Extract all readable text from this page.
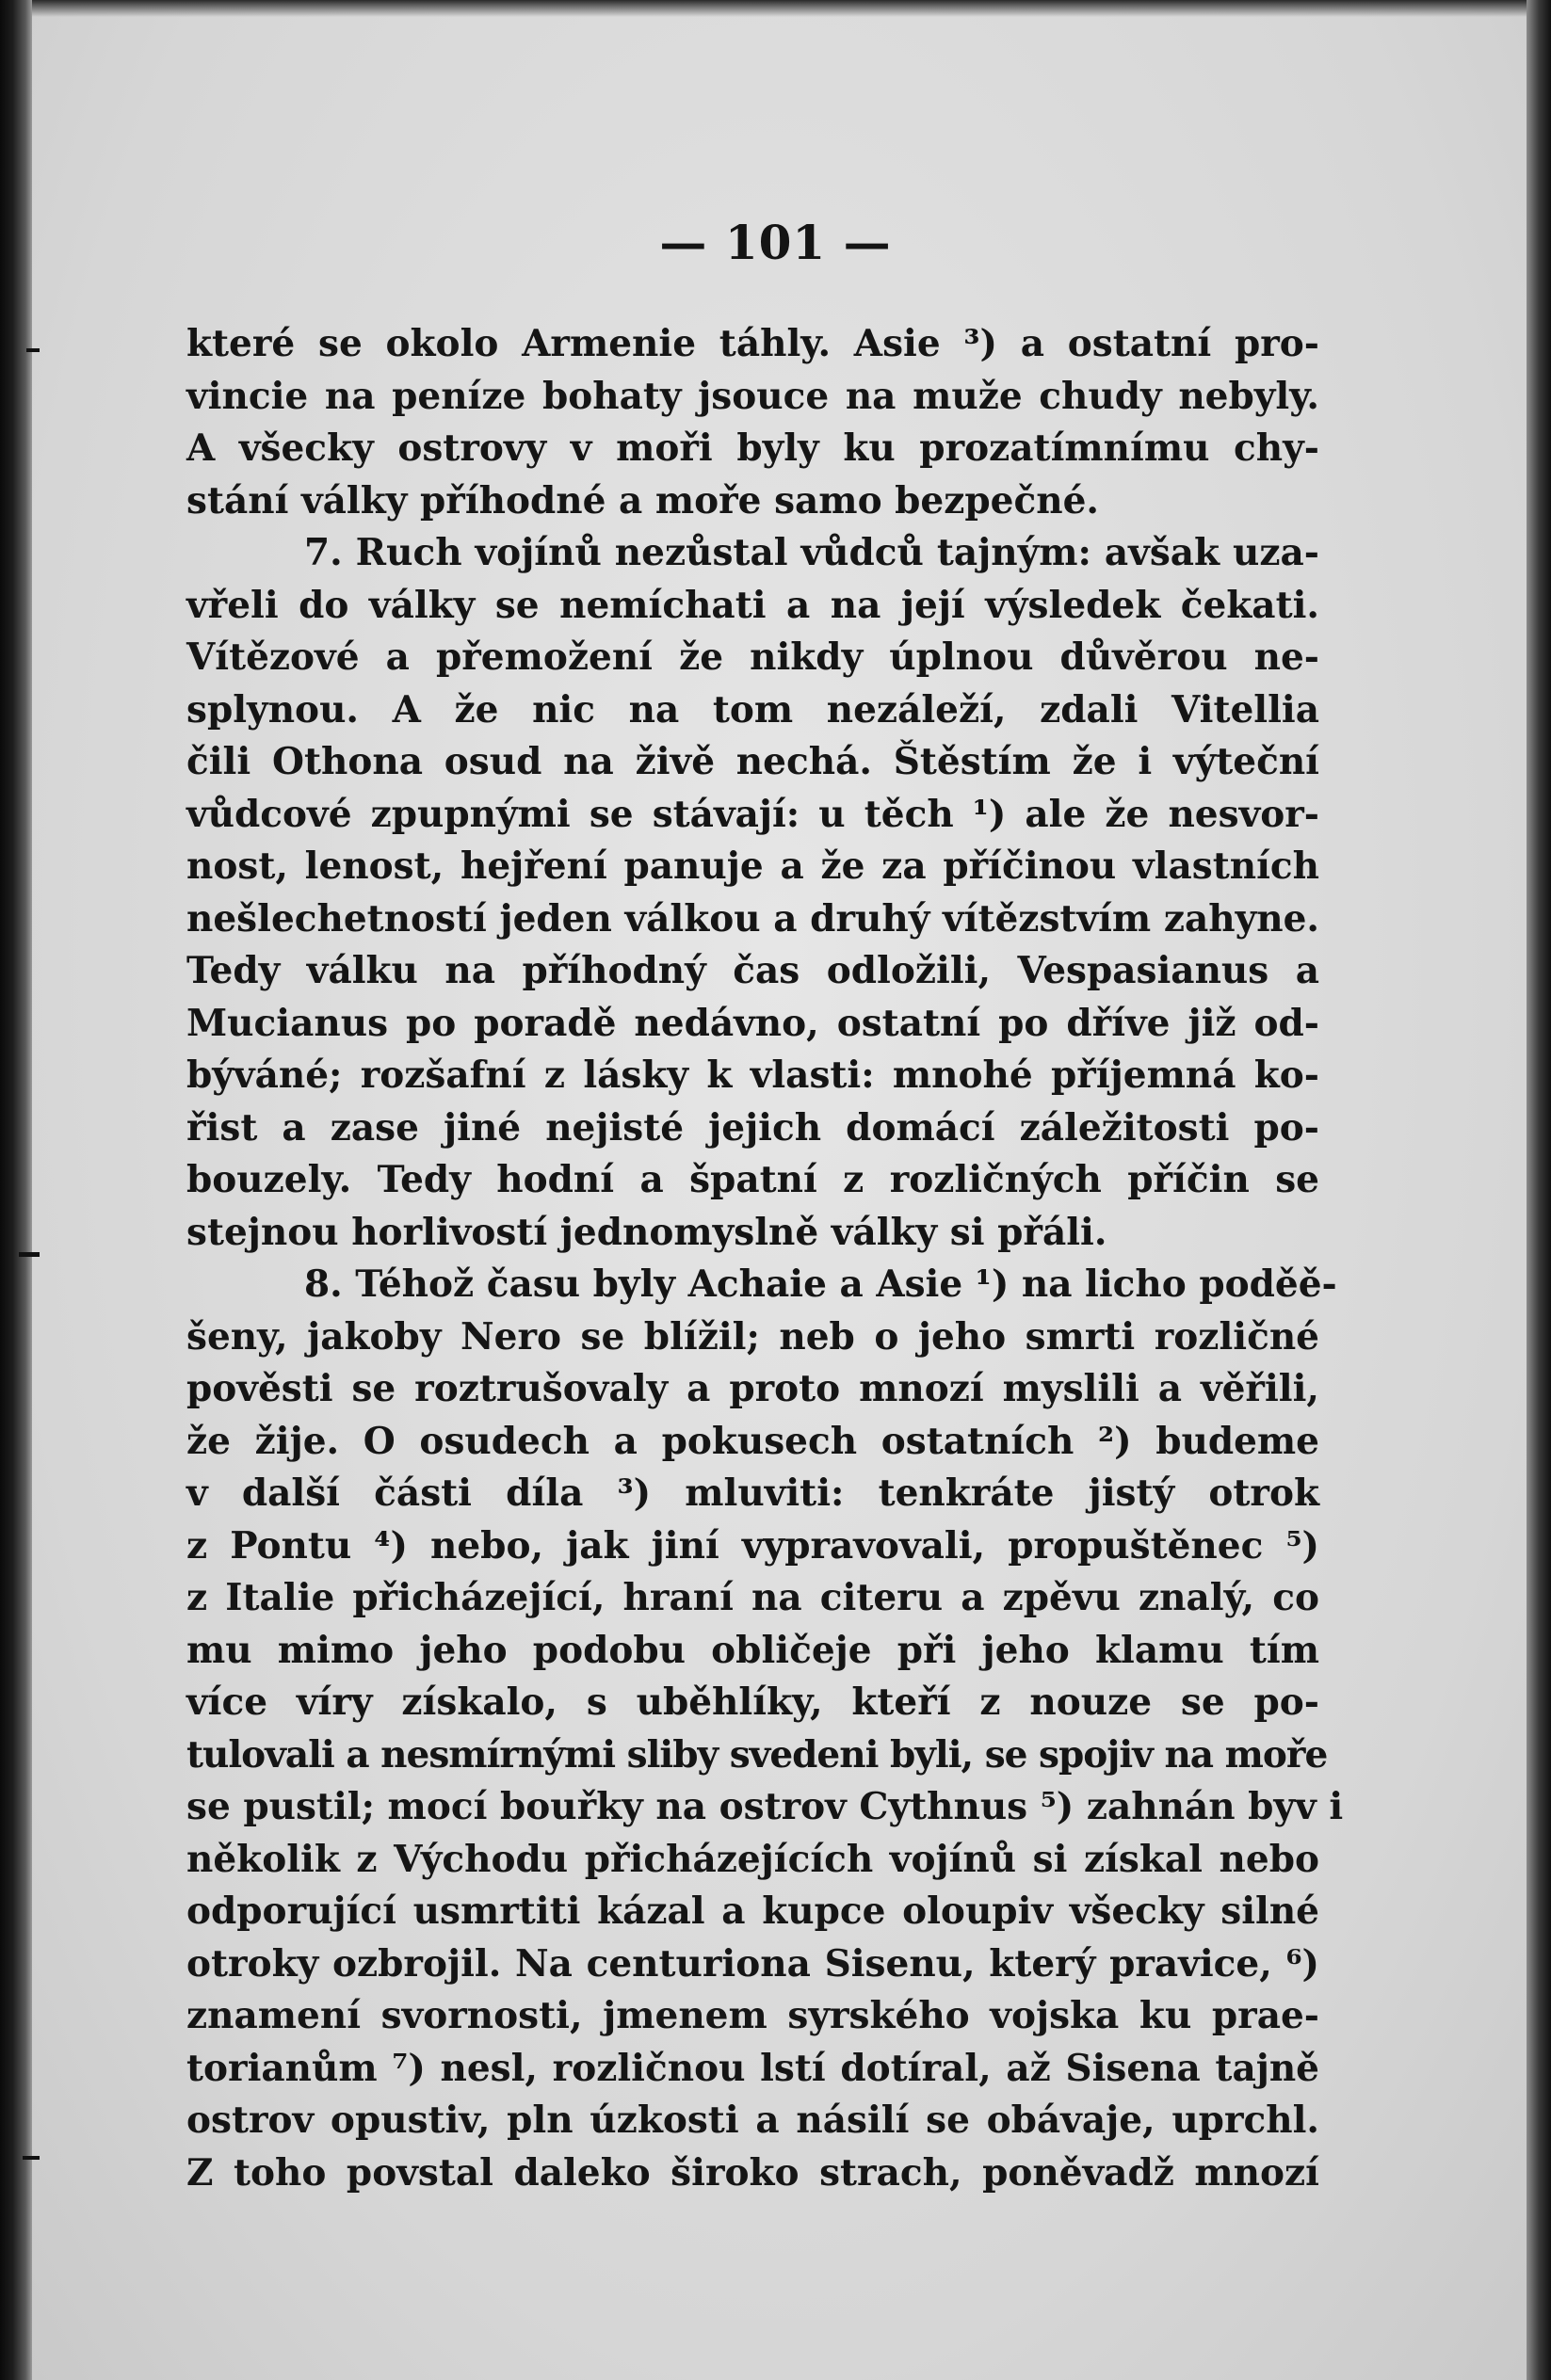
— 101 —
které se okolo Armenie táhly. Asie ³) a ostatní pro-
vincie na peníze bohaty jsouce na muže chudy nebyly.
A všecky ostrovy v moři byly ku prozatímnímu chy-
stání války příhodné a moře samo bezpečné.
7. Ruch vojínů nezůstal vůdců tajným: avšak uza-
vřeli do války se nemíchati a na její výsledek čekati.
Vítězové a přemožení že nikdy úplnou důvěrou ne-
splynou. A že nic na tom nezáleží, zdali Vitellia
čili Othona osud na živě nechá. Štěstím že i výteční
vůdcové zpupnými se stávají: u těch ¹) ale že nesvor-
nost, lenost, hejření panuje a že za příčinou vlastních
nešlechetností jeden válkou a druhý vítězstvím zahyne.
Tedy válku na příhodný čas odložili, Vespasianus a
Mucianus po poradě nedávno, ostatní po dříve již od-
býváné; rozšafní z lásky k vlasti: mnohé příjemná ko-
řist a zase jiné nejisté jejich domácí záležitosti po-
bouzely. Tedy hodní a špatní z rozličných příčin se
stejnou horlivostí jednomyslně války si přáli.
8. Téhož času byly Achaie a Asie ¹) na licho poděě-
šeny, jakoby Nero se blížil; neb o jeho smrti rozličné
pověsti se roztrušovaly a proto mnozí myslili a věřili,
že žije. O osudech a pokusech ostatních ²) budeme
v další části díla ³) mluviti: tenkráte jistý otrok
z Pontu ⁴) nebo, jak jiní vypravovali, propuštěnec ⁵)
z Italie přicházející, hraní na citeru a zpěvu znalý, co
mu mimo jeho podobu obličeje při jeho klamu tím
více víry získalo, s uběhlíky, kteří z nouze se po-
tulovali a nesmírnými sliby svedeni byli, se spojiv na moře
se pustil; mocí bouřky na ostrov Cythnus ⁵) zahnán byv i
několik z Východu přicházejících vojínů si získal nebo
odporující usmrtiti kázal a kupce oloupiv všecky silné
otroky ozbrojil. Na centuriona Sisenu, který pravice, ⁶)
znamení svornosti, jmenem syrského vojska ku prae-
torianům ⁷) nesl, rozličnou lstí dotíral, až Sisena tajně
ostrov opustiv, pln úzkosti a násilí se obávaje, uprchl.
Z toho povstal daleko široko strach, poněvadž mnozí
